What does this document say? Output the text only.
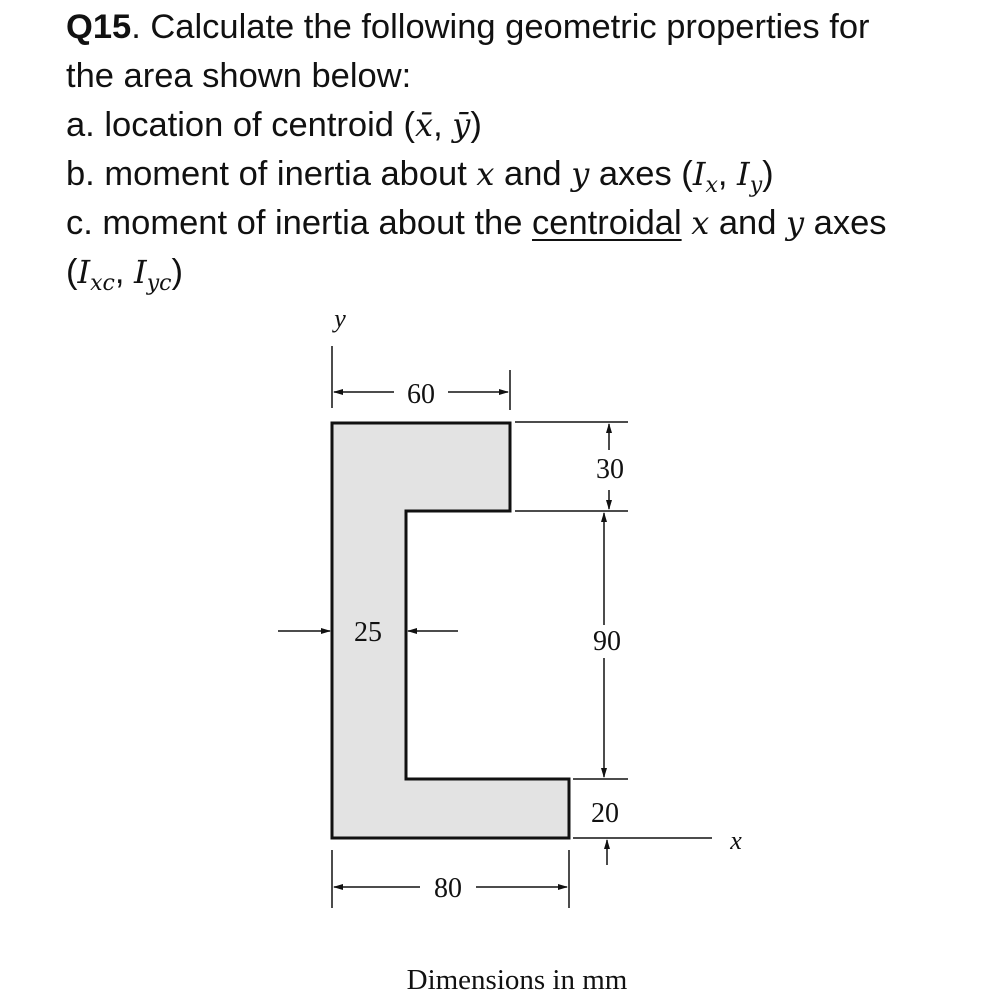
Q15. Calculate the following geometric properties for
the area shown below:
a. location of centroid (x̄, ȳ)
b. moment of inertia about x and y axes ($I_x$, $I_y$)
c. moment of inertia about the centroidal x and y axes
($I_{xc}$, $I_{yc}$)
y
60
x
30
90
20
25
80
Dimensions in mm
